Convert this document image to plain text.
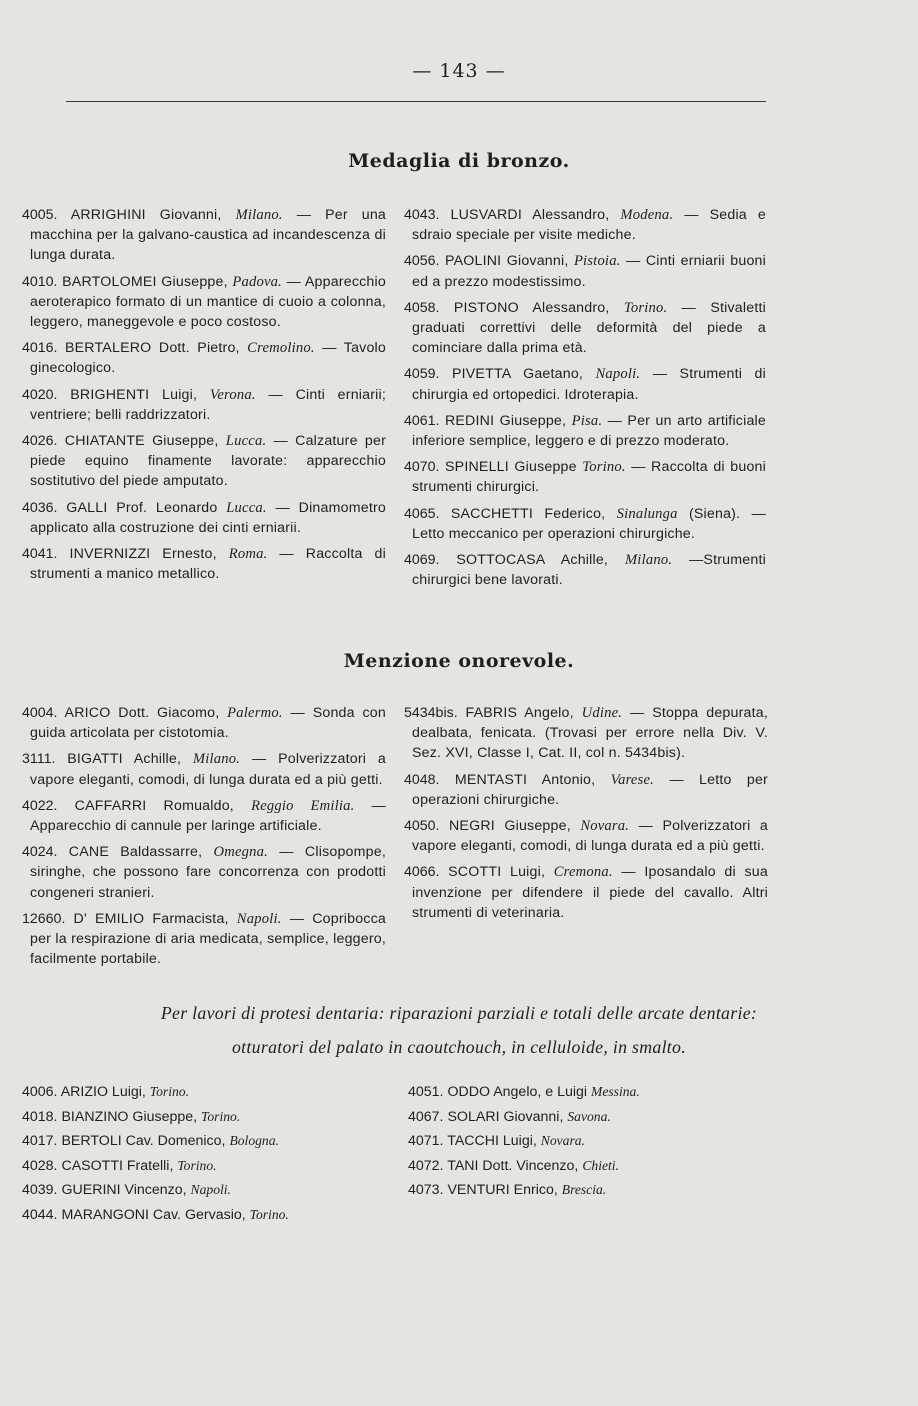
— 143 —
Medaglia di bronzo.
4005. ARRIGHINI Giovanni, Milano. — Per una macchina per la galvano-caustica ad incandescenza di lunga durata.
4010. BARTOLOMEI Giuseppe, Padova. — Apparecchio aeroterapico formato di un mantice di cuoio a colonna, leggero, maneggevole e poco costoso.
4016. BERTALERO Dott. Pietro, Cremolino. — Tavolo ginecologico.
4020. BRIGHENTI Luigi, Verona. — Cinti erniarii; ventriere; belli raddrizzatori.
4026. CHIATANTE Giuseppe, Lucca. — Calzature per piede equino finamente lavorate: apparecchio sostitutivo del piede amputato.
4036. GALLI Prof. Leonardo Lucca. — Dinamometro applicato alla costruzione dei cinti erniarii.
4041. INVERNIZZI Ernesto, Roma. — Raccolta di strumenti a manico metallico.
4043. LUSVARDI Alessandro, Modena. — Sedia e sdraio speciale per visite mediche.
4056. PAOLINI Giovanni, Pistoia. — Cinti erniarii buoni ed a prezzo modestissimo.
4058. PISTONO Alessandro, Torino. — Stivaletti graduati correttivi delle deformità del piede a cominciare dalla prima età.
4059. PIVETTA Gaetano, Napoli. — Strumenti di chirurgia ed ortopedici. Idroterapia.
4061. REDINI Giuseppe, Pisa. — Per un arto artificiale inferiore semplice, leggero e di prezzo moderato.
4070. SPINELLI Giuseppe Torino. — Raccolta di buoni strumenti chirurgici.
4065. SACCHETTI Federico, Sinalunga (Siena). — Letto meccanico per operazioni chirurgiche.
4069. SOTTOCASA Achille, Milano. —Strumenti chirurgici bene lavorati.
Menzione onorevole.
4004. ARICO Dott. Giacomo, Palermo. — Sonda con guida articolata per cistotomia.
3111. BIGATTI Achille, Milano. — Polverizzatori a vapore eleganti, comodi, di lunga durata ed a più getti.
4022. CAFFARRI Romualdo, Reggio Emilia. — Apparecchio di cannule per laringe artificiale.
4024. CANE Baldassarre, Omegna. — Clisopompe, siringhe, che possono fare concorrenza con prodotti congeneri stranieri.
12660. D' EMILIO Farmacista, Napoli. — Copribocca per la respirazione di aria medicata, semplice, leggero, facilmente portabile.
5434bis. FABRIS Angelo, Udine. — Stoppa depurata, dealbata, fenicata. (Trovasi per errore nella Div. V. Sez. XVI, Classe I, Cat. II, col n. 5434bis).
4048. MENTASTI Antonio, Varese. — Letto per operazioni chirurgiche.
4050. NEGRI Giuseppe, Novara. — Polverizzatori a vapore eleganti, comodi, di lunga durata ed a più getti.
4066. SCOTTI Luigi, Cremona. — Iposandalo di sua invenzione per difendere il piede del cavallo. Altri strumenti di veterinaria.
Per lavori di protesi dentaria: riparazioni parziali e totali delle arcate dentarie:
otturatori del palato in caoutchouch, in celluloide, in smalto.
4006. ARIZIO Luigi, Torino.
4018. BIANZINO Giuseppe, Torino.
4017. BERTOLI Cav. Domenico, Bologna.
4028. CASOTTI Fratelli, Torino.
4039. GUERINI Vincenzo, Napoli.
4044. MARANGONI Cav. Gervasio, Torino.
4051. ODDO Angelo, e Luigi Messina.
4067. SOLARI Giovanni, Savona.
4071. TACCHI Luigi, Novara.
4072. TANI Dott. Vincenzo, Chieti.
4073. VENTURI Enrico, Brescia.
